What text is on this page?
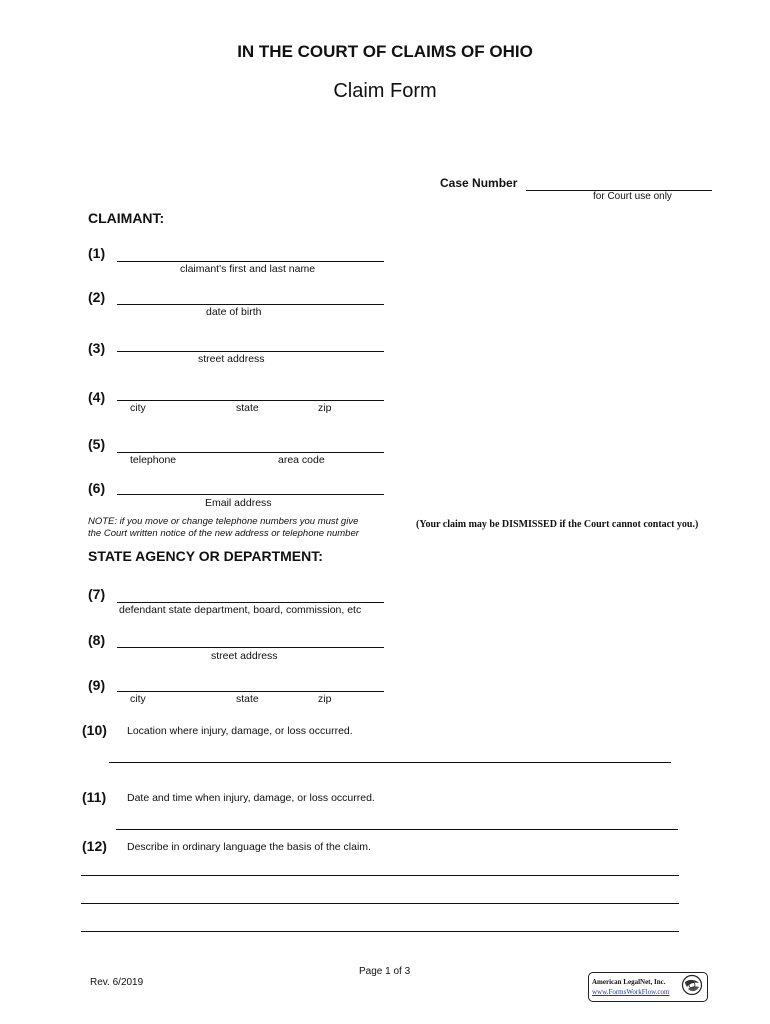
IN THE COURT OF CLAIMS OF OHIO
Claim Form
Case Number
for Court use only
CLAIMANT:
(1)
claimant's first and last name
(2)
date of birth
(3)
street address
(4)
city	state	zip
(5)
telephone	area code
(6)
Email address
NOTE: if you move or change telephone numbers you must give
the Court written notice of the new address or telephone number
(Your claim may be DISMISSED if the Court cannot contact you.)
STATE AGENCY OR DEPARTMENT:
(7)
defendant state department, board, commission, etc
(8)
street address
(9)
city	state	zip
(10) Location where injury, damage, or loss occurred.
(11) Date and time when injury, damage, or loss occurred.
(12) Describe in ordinary language the basis of the claim.
Page 1 of 3
Rev. 6/2019	American LegalNet, Inc.
www.FormsWorkFlow.com
